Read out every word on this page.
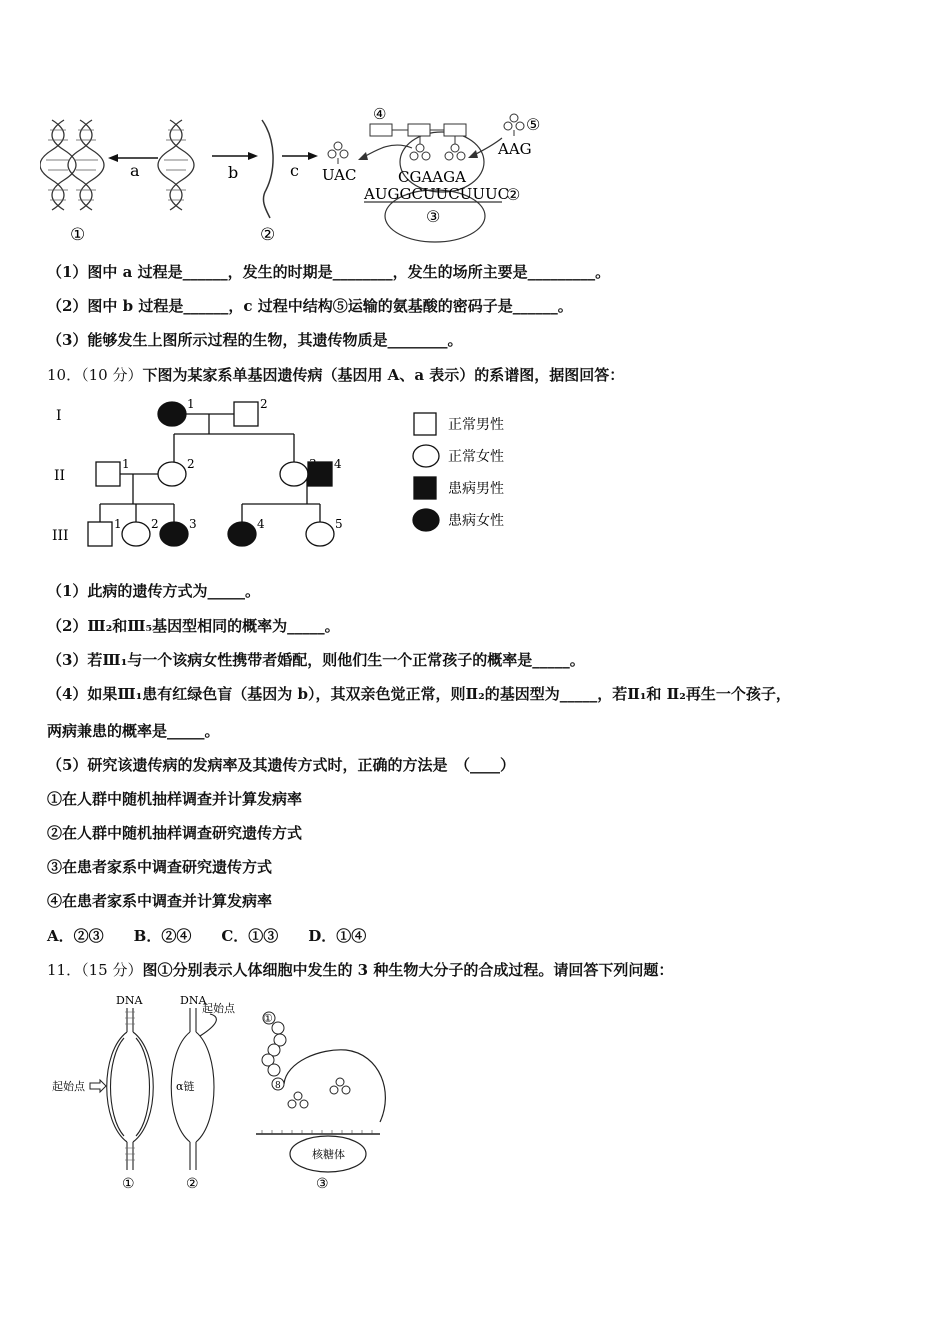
a	b	c
①	②
UAC
④
CGAAGA
AUGGCUUCUUUC
②
③
⑤
AAG
（1）图中 a 过程是______，发生的时期是________，发生的场所主要是_________。
（2）图中 b 过程是______，c 过程中结构⑤运输的氨基酸的密码子是______。
（3）能够发生上图所示过程的生物，其遗传物质是________。
10．（10 分）下图为某家系单基因遗传病（基因用 A、a 表示）的系谱图，据图回答：
I
II
III
1	2
1	2	4
1 2	3	4	5
正常男性
正常女性
患病男性
患病女性
（1）此病的遗传方式为_____。
（2）Ⅲ₂和Ⅲ₅基因型相同的概率为_____。
（3）若Ⅲ₁与一个该病女性携带者婚配，则他们生一个正常孩子的概率是_____。
（4）如果Ⅲ₁患有红绿色盲（基因为 b），其双亲色觉正常，则Ⅱ₂的基因型为_____，若Ⅱ₁和 Ⅱ₂再生一个孩子，
两病兼患的概率是_____。
（5）研究该遗传病的发病率及其遗传方式时，正确的方法是　（____）
①在人群中随机抽样调查并计算发病率
②在人群中随机抽样调查研究遗传方式
③在患者家系中调查研究遗传方式
④在患者家系中调查并计算发病率
A．②③　　B．②④　　C．①③　　D．①④
11．（15 分）图①分别表示人体细胞中发生的 3 种生物大分子的合成过程。请回答下列问题：
DNA
起始点
①
DNA
起始点
α链
②
①
8
核糖体
③
